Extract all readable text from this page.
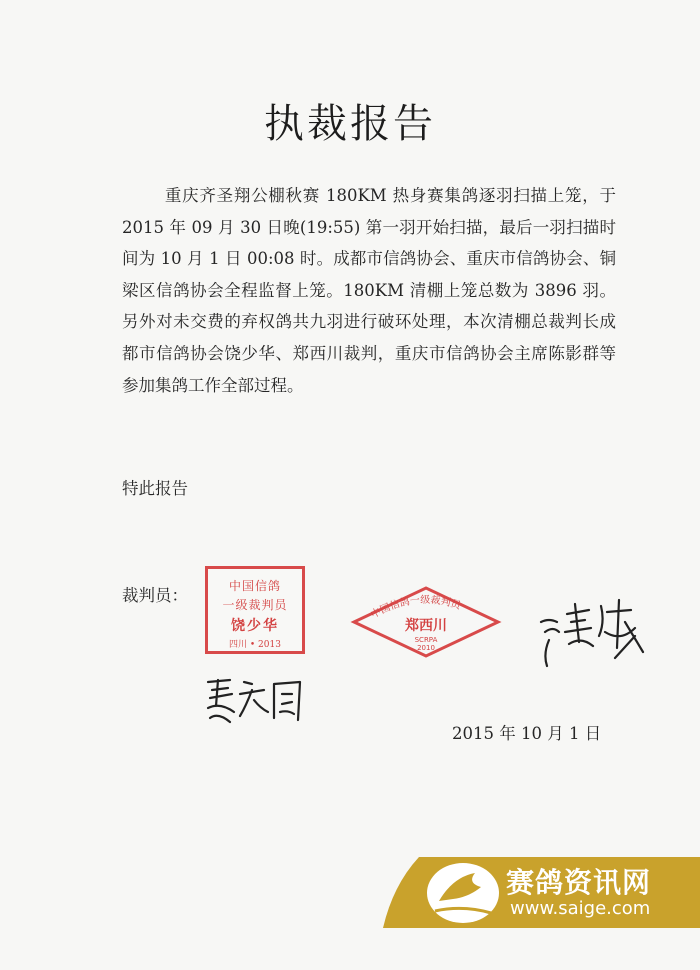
执裁报告

重庆齐圣翔公棚秋赛 180KM 热身赛集鸽逐羽扫描上笼，于 2015 年 09 月 30 日晚(19:55) 第一羽开始扫描，最后一羽扫描时间为 10 月 1 日 00:08 时。成都市信鸽协会、重庆市信鸽协会、铜梁区信鸽协会全程监督上笼。180KM 清棚上笼总数为 3896 羽。另外对未交费的弃权鸽共九羽进行破环处理，本次清棚总裁判长成都市信鸽协会饶少华、郑西川裁判，重庆市信鸽协会主席陈影群等参加集鸽工作全部过程。

特此报告
裁判员：	中国信鸽
一级裁判员
饶少华
四川 • 2013
中国信鸽一级裁判员
郑西川
SCRPA
2010
2015 年 10 月 1 日
赛鸽资讯网
www.saige.com
